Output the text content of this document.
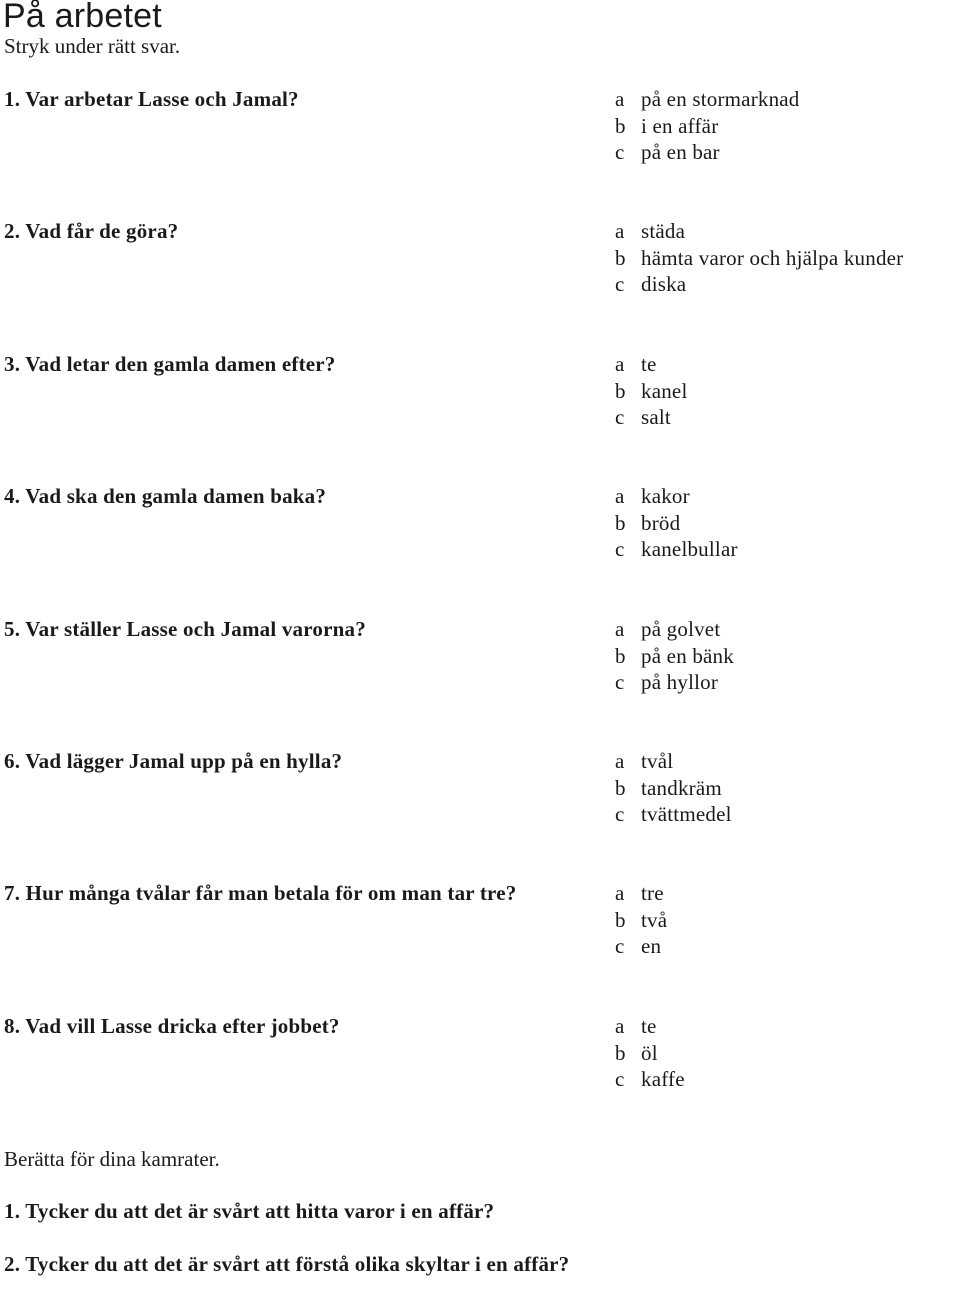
På arbetet
Stryk under rätt svar.
1. Var arbetar Lasse och Jamal?	a på en stormarknad
b i en affär
c på en bar
2. Vad får de göra?	a städa
b hämta varor och hjälpa kunder
c diska
3. Vad letar den gamla damen efter?	a te
b kanel
c salt
4. Vad ska den gamla damen baka?	a kakor
b bröd
c kanelbullar
5. Var ställer Lasse och Jamal varorna?	a på golvet
b på en bänk
c på hyllor
6. Vad lägger Jamal upp på en hylla?	a tvål
b tandkräm
c tvättmedel
7. Hur många tvålar får man betala för om man tar tre?	a tre
b två
c en
8. Vad vill Lasse dricka efter jobbet?	a te
b öl
c kaffe
Berätta för dina kamrater.
1. Tycker du att det är svårt att hitta varor i en affär?
2. Tycker du att det är svårt att förstå olika skyltar i en affär?
